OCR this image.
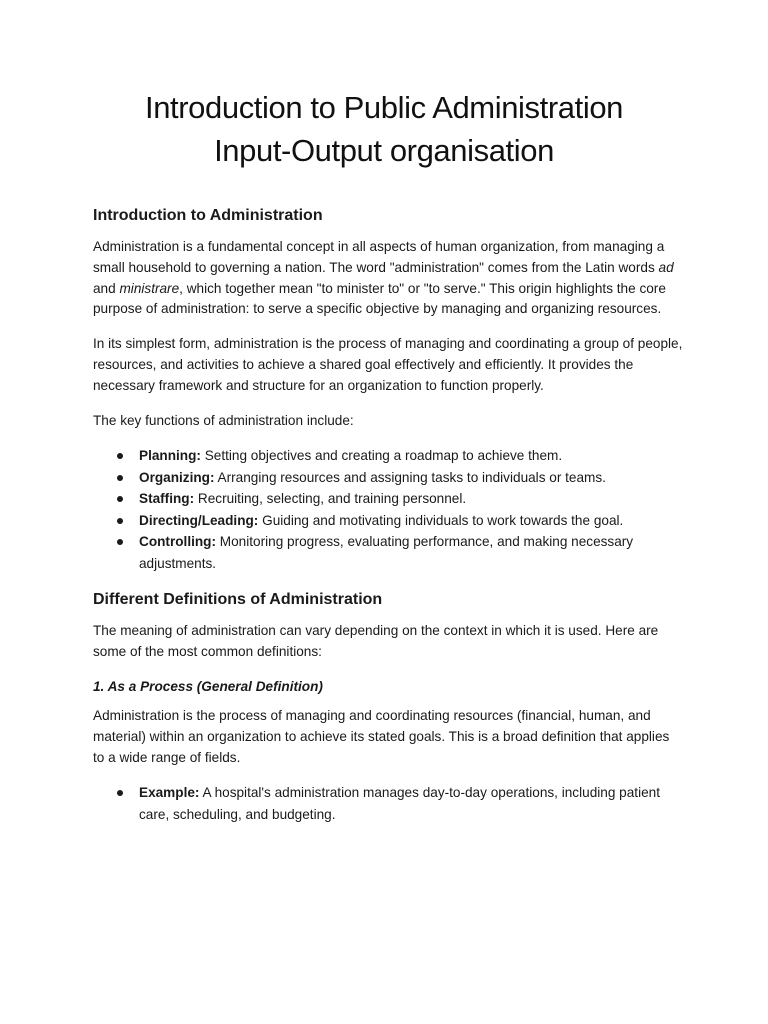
Introduction to Public Administration
Input-Output organisation
Introduction to Administration

Administration is a fundamental concept in all aspects of human organization, from managing a small household to governing a nation. The word "administration" comes from the Latin words ad and ministrare, which together mean "to minister to" or "to serve." This origin highlights the core purpose of administration: to serve a specific objective by managing and organizing resources.

In its simplest form, administration is the process of managing and coordinating a group of people, resources, and activities to achieve a shared goal effectively and efficiently. It provides the necessary framework and structure for an organization to function properly.

The key functions of administration include:

Planning: Setting objectives and creating a roadmap to achieve them.
Organizing: Arranging resources and assigning tasks to individuals or teams.
Staffing: Recruiting, selecting, and training personnel.
Directing/Leading: Guiding and motivating individuals to work towards the goal.
Controlling: Monitoring progress, evaluating performance, and making necessary adjustments.
Different Definitions of Administration

The meaning of administration can vary depending on the context in which it is used. Here are some of the most common definitions:

1. As a Process (General Definition)

Administration is the process of managing and coordinating resources (financial, human, and material) within an organization to achieve its stated goals. This is a broad definition that applies to a wide range of fields.

Example: A hospital's administration manages day-to-day operations, including patient care, scheduling, and budgeting.
